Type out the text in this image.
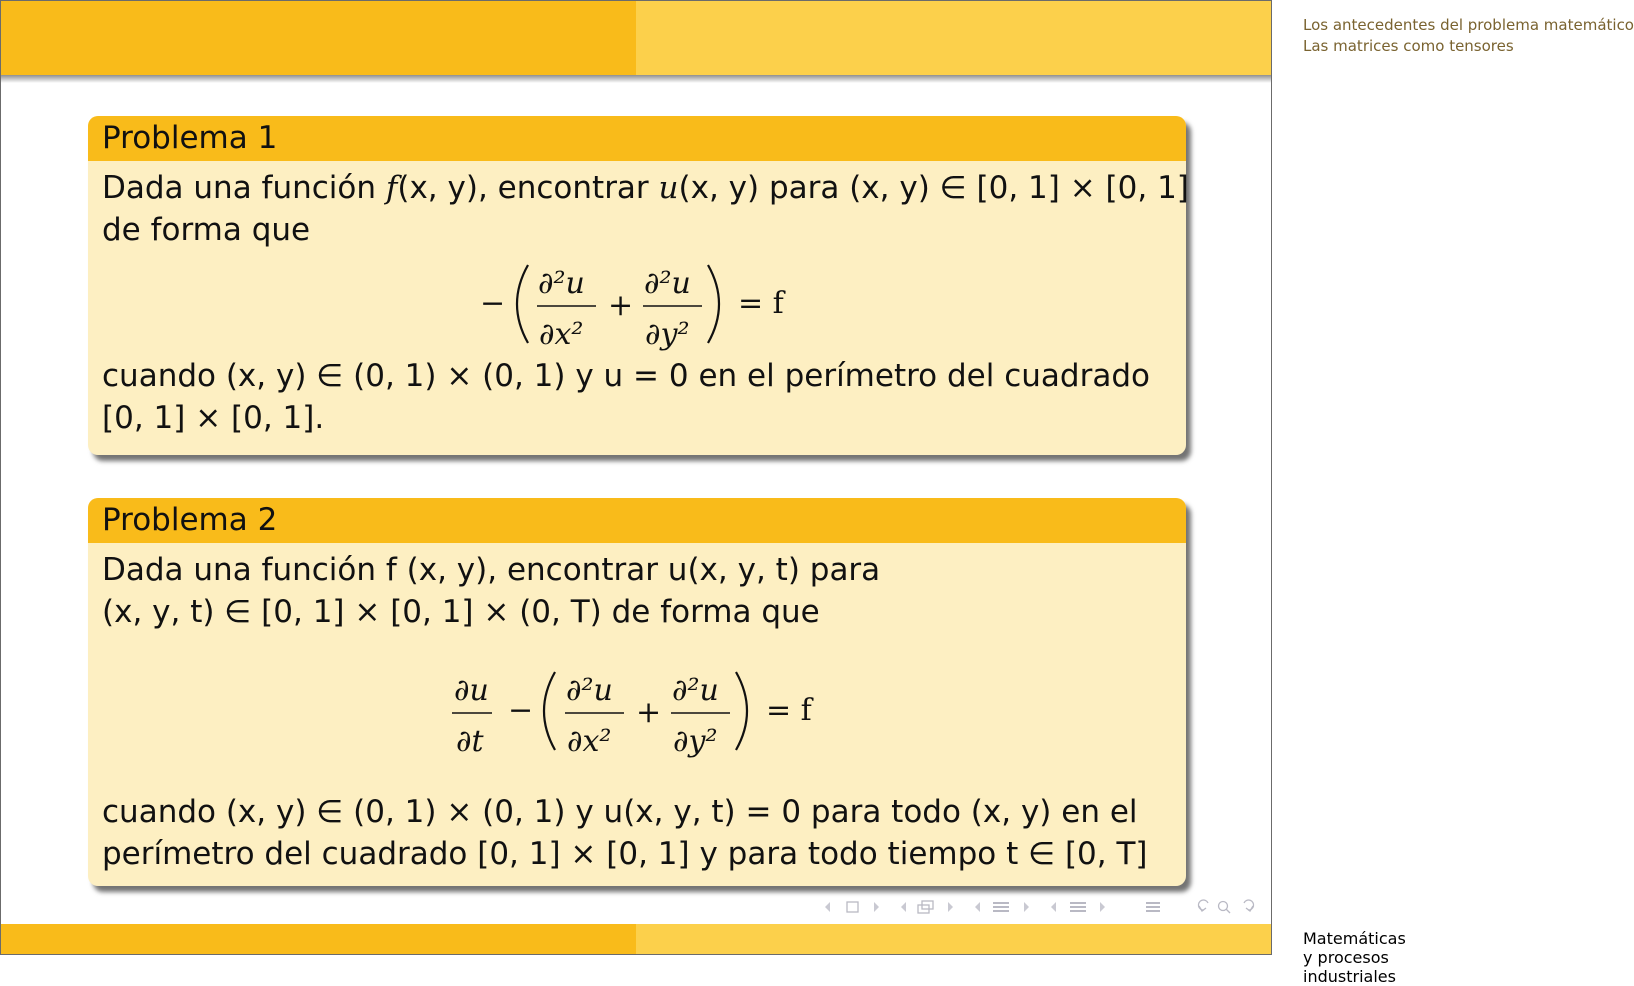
Los antecedentes del problema matemático
Las matrices como tensores
Problema 1
Dada una función f(x, y), encontrar u(x, y) para (x, y) ∈ [0, 1] × [0, 1]
de forma que
−
∂²u
∂x²
+
∂²u
∂y²
= f
cuando (x, y) ∈ (0, 1) × (0, 1) y u = 0 en el perímetro del cuadrado
[0, 1] × [0, 1].
Problema 2
Dada una función f (x, y), encontrar u(x, y, t) para
(x, y, t) ∈ [0, 1] × [0, 1] × (0, T) de forma que
∂u
∂t
−
∂²u
∂x²
+
∂²u
∂y²
= f
cuando (x, y) ∈ (0, 1) × (0, 1) y u(x, y, t) = 0 para todo (x, y) en el
perímetro del cuadrado [0, 1] × [0, 1] y para todo tiempo t ∈ [0, T]
Matemáticas y procesos industriales
